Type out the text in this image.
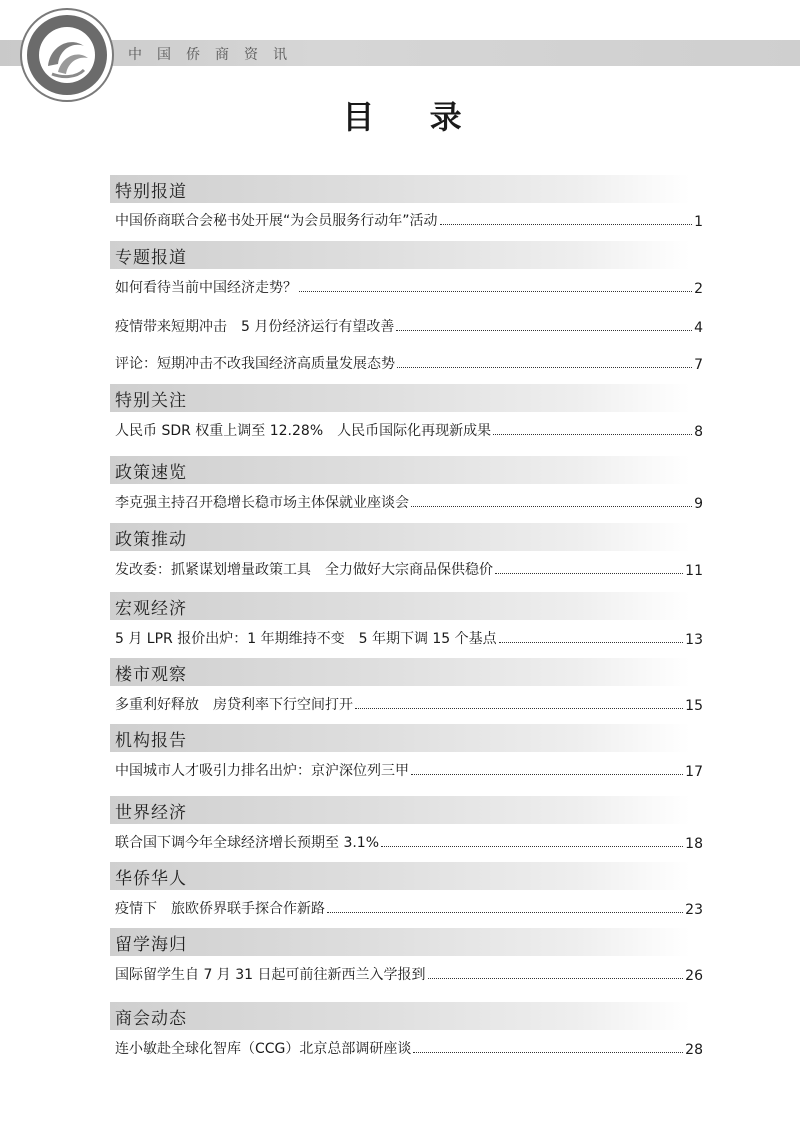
中国侨商资讯
目 录
特别报道
中国侨商联合会秘书处开展“为会员服务行动年”活动	1
专题报道
如何看待当前中国经济走势？	2
疫情带来短期冲击　5 月份经济运行有望改善	4
评论：短期冲击不改我国经济高质量发展态势	7
特别关注
人民币 SDR 权重上调至 12.28%　人民币国际化再现新成果	8
政策速览
李克强主持召开稳增长稳市场主体保就业座谈会	9
政策推动
发改委：抓紧谋划增量政策工具　全力做好大宗商品保供稳价	11
宏观经济
5 月 LPR 报价出炉：1 年期维持不变　5 年期下调 15 个基点	13
楼市观察
多重利好释放　房贷利率下行空间打开	15
机构报告
中国城市人才吸引力排名出炉：京沪深位列三甲	17
世界经济
联合国下调今年全球经济增长预期至 3.1%	18
华侨华人
疫情下　旅欧侨界联手探合作新路	23
留学海归
国际留学生自 7 月 31 日起可前往新西兰入学报到	26
商会动态
连小敏赴全球化智库（CCG）北京总部调研座谈	28
